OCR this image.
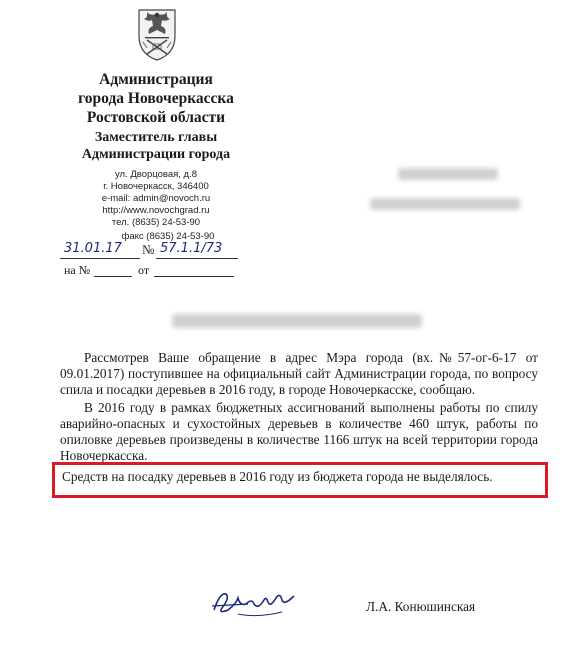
Администрация
города Новочеркасска
Ростовской области
Заместитель главы
Администрации города
ул. Дворцовая, д.8
г. Новочеркасск, 346400
e-mail: admin@novoch.ru
http://www.novochgrad.ru
тел. (8635) 24-53-90
факс (8635) 24-53-90
31.01.17	№ 57.1.1/73
на №	от
Рассмотрев Ваше обращение в адрес Мэра города (вх.№57-ог-6-17 от 09.01.2017) поступившее на официальный сайт Администрации города, по вопросу спила и посадки деревьев в 2016 году, в городе Новочеркасске, сообщаю.
В 2016 году в рамках бюджетных ассигнований выполнены работы по спилу аварийно-опасных и сухостойных деревьев в количестве 460 штук, работы по опиловке деревьев произведены в количестве 1166 штук на всей территории города Новочеркасска.
Средств на посадку деревьев в 2016 году из бюджета города не выделялось.
Л.А. Конюшинская
